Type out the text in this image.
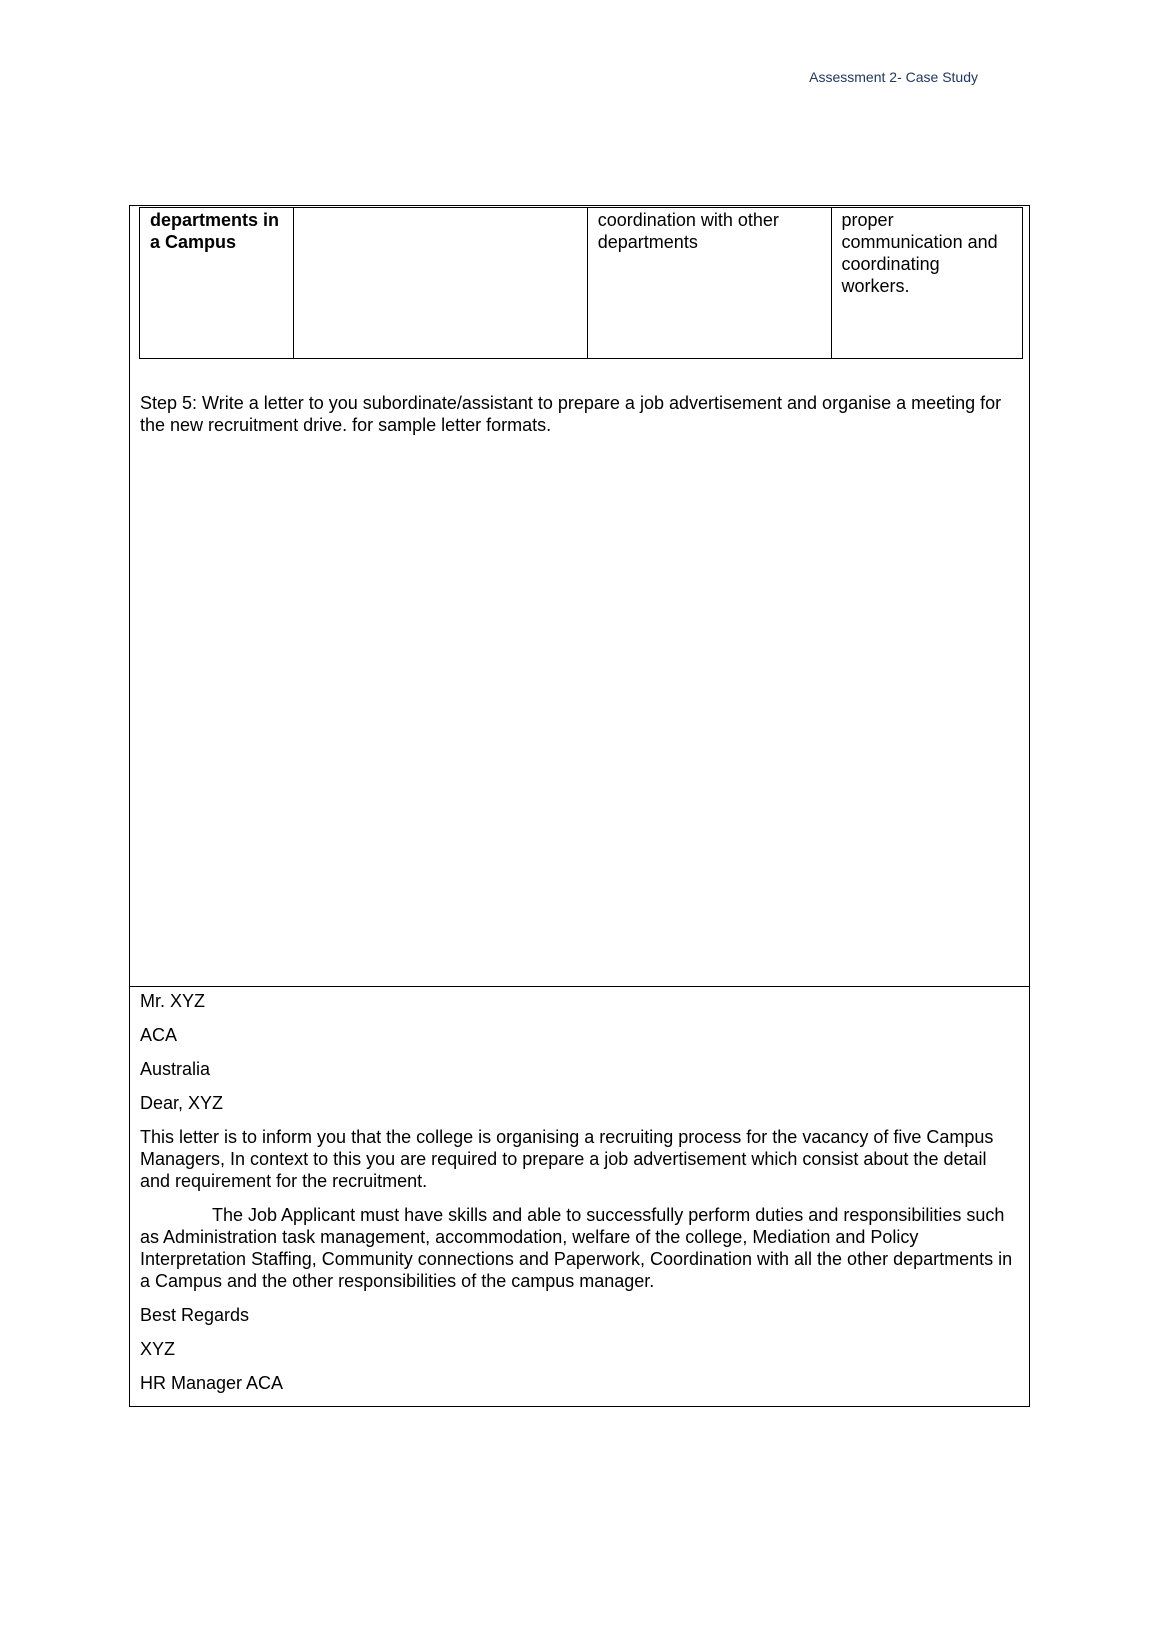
Assessment 2- Case Study
departments in a Campus		coordination with other departments	proper communication and coordinating workers.

Step 5: Write a letter to you subordinate/assistant to prepare a job advertisement and organise a meeting for the new recruitment drive. for sample letter formats.

Mr. XYZ

ACA

Australia

Dear, XYZ

This letter is to inform you that the college is organising a recruiting process for the vacancy of five Campus Managers, In context to this you are required to prepare a job advertisement which consist about the detail and requirement for the recruitment.

The Job Applicant must have skills and able to successfully perform duties and responsibilities such as Administration task management, accommodation, welfare of the college, Mediation and Policy Interpretation Staffing, Community connections and Paperwork, Coordination with all the other departments in a Campus and the other responsibilities of the campus manager.

Best Regards

XYZ

HR Manager ACA
